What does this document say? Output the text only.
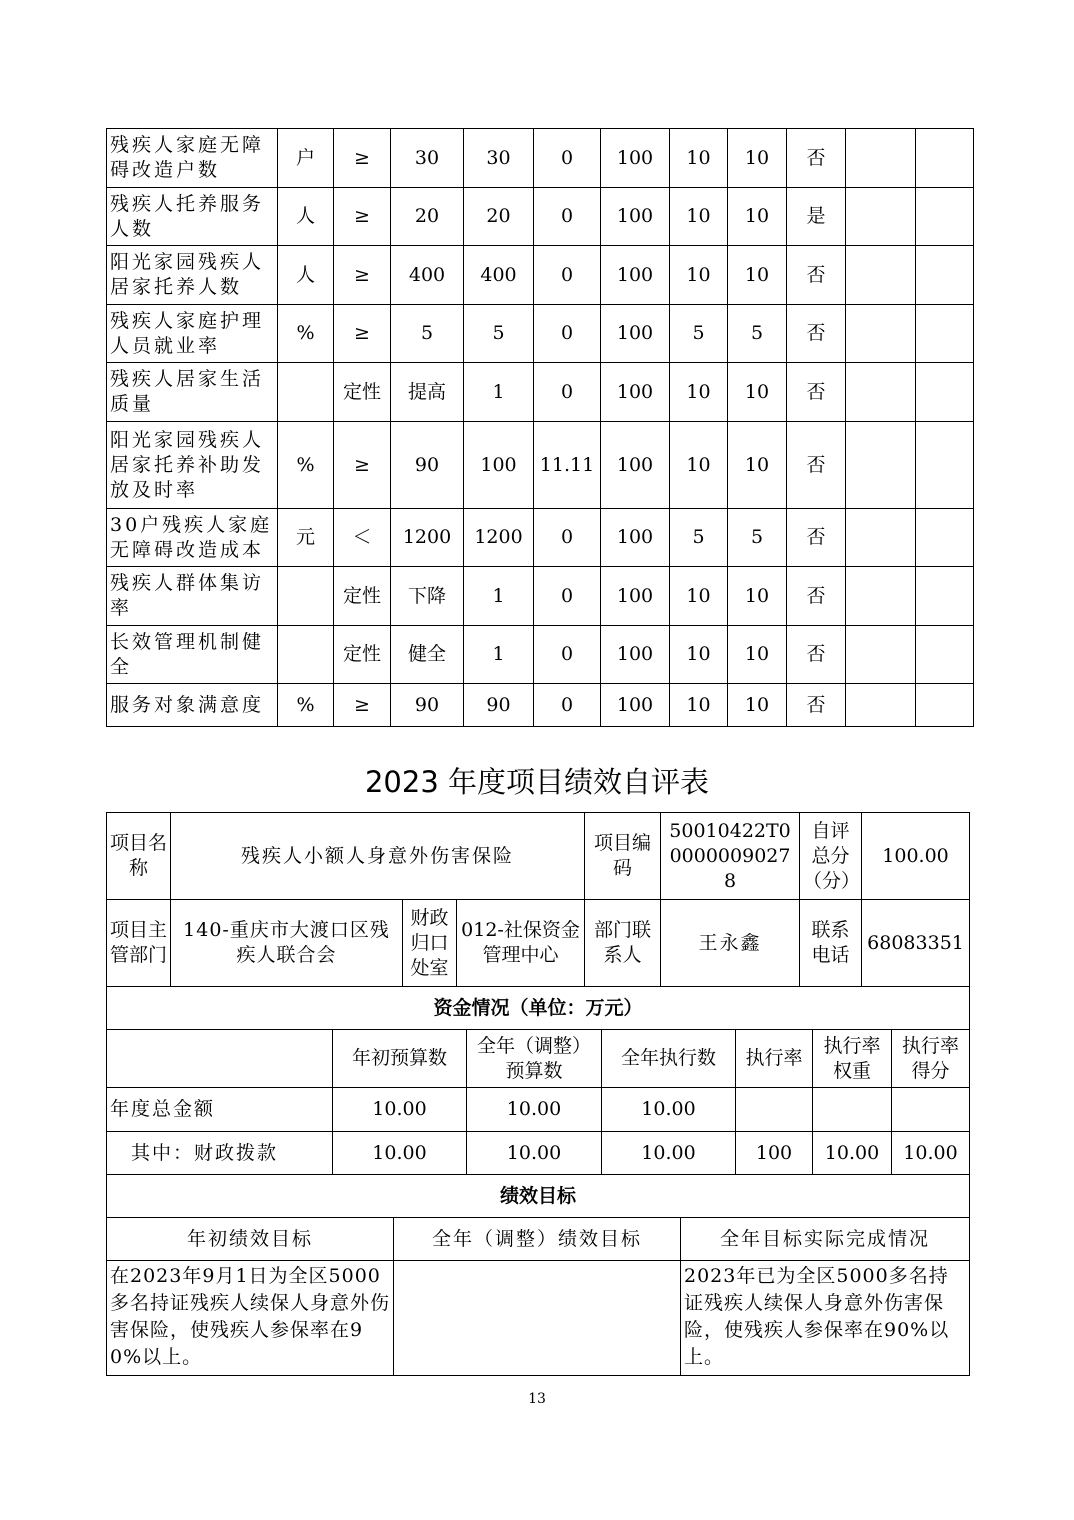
残疾人家庭无障碍改造户数	户	≥	30	30	0	100	10	10	否		
残疾人托养服务人数	人	≥	20	20	0	100	10	10	是		
阳光家园残疾人居家托养人数	人	≥	400	400	0	100	10	10	否		
残疾人家庭护理人员就业率	%	≥	5	5	0	100	5	5	否		
残疾人居家生活质量		定性	提高	1	0	100	10	10	否		
阳光家园残疾人居家托养补助发放及时率	%	≥	90	100	11.11	100	10	10	否		
30户残疾人家庭无障碍改造成本	元	＜	1200	1200	0	100	5	5	否		
残疾人群体集访率		定性	下降	1	0	100	10	10	否		
长效管理机制健全		定性	健全	1	0	100	10	10	否		
服务对象满意度	%	≥	90	90	0	100	10	10	否		
2023 年度项目绩效自评表
项目名称	残疾人小额人身意外伤害保险			项目编码	50010422T000000090278	自评总分（分）	100.00
项目主管部门	140-重庆市大渡口区残疾人联合会	财政归口处室	012-社保资金管理中心	部门联系人	王永鑫	联系电话	68083351
资金情况（单位：万元）						
	年初预算数	全年（调整）预算数	全年执行数	执行率	执行率权重	执行率得分
年度总金额	10.00	10.00	10.00			
其中：财政拨款	10.00	10.00	10.00	100	10.00	10.00
绩效目标		
年初绩效目标	全年（调整）绩效目标	全年目标实际完成情况
在2023年9月1日为全区5000多名持证残疾人续保人身意外伤害保险，使残疾人参保率在90%以上。		2023年已为全区5000多名持证残疾人续保人身意外伤害保险，使残疾人参保率在90%以上。
13
